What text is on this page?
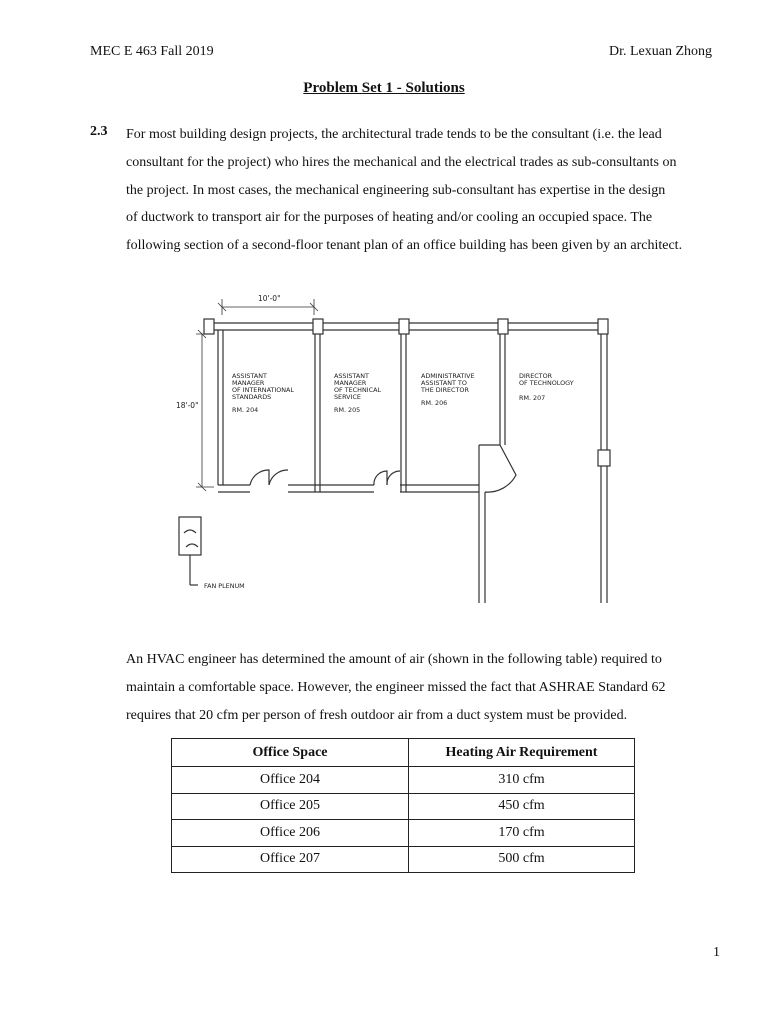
MEC E 463 Fall 2019	Dr. Lexuan Zhong
Problem Set 1 - Solutions
2.3 For most building design projects, the architectural trade tends to be the consultant (i.e. the lead
consultant for the project) who hires the mechanical and the electrical trades as sub-consultants on
the project. In most cases, the mechanical engineering sub-consultant has expertise in the design
of ductwork to transport air for the purposes of heating and/or cooling an occupied space. The
following section of a second-floor tenant plan of an office building has been given by an architect.
10'-0"
18'-0"
ASSISTANT
MANAGER
OF INTERNATIONAL
STANDARDS
RM. 204
ASSISTANT
MANAGER
OF TECHNICAL
SERVICE
RM. 205
ADMINISTRATIVE
ASSISTANT TO
THE DIRECTOR
RM. 206
DIRECTOR
OF TECHNOLOGY
RM. 207
FAN PLENUM
An HVAC engineer has determined the amount of air (shown in the following table) required to
maintain a comfortable space. However, the engineer missed the fact that ASHRAE Standard 62
requires that 20 cfm per person of fresh outdoor air from a duct system must be provided.
Office Space	Heating Air Requirement
Office 204	310 cfm
Office 205	450 cfm
Office 206	170 cfm
Office 207	500 cfm
1
